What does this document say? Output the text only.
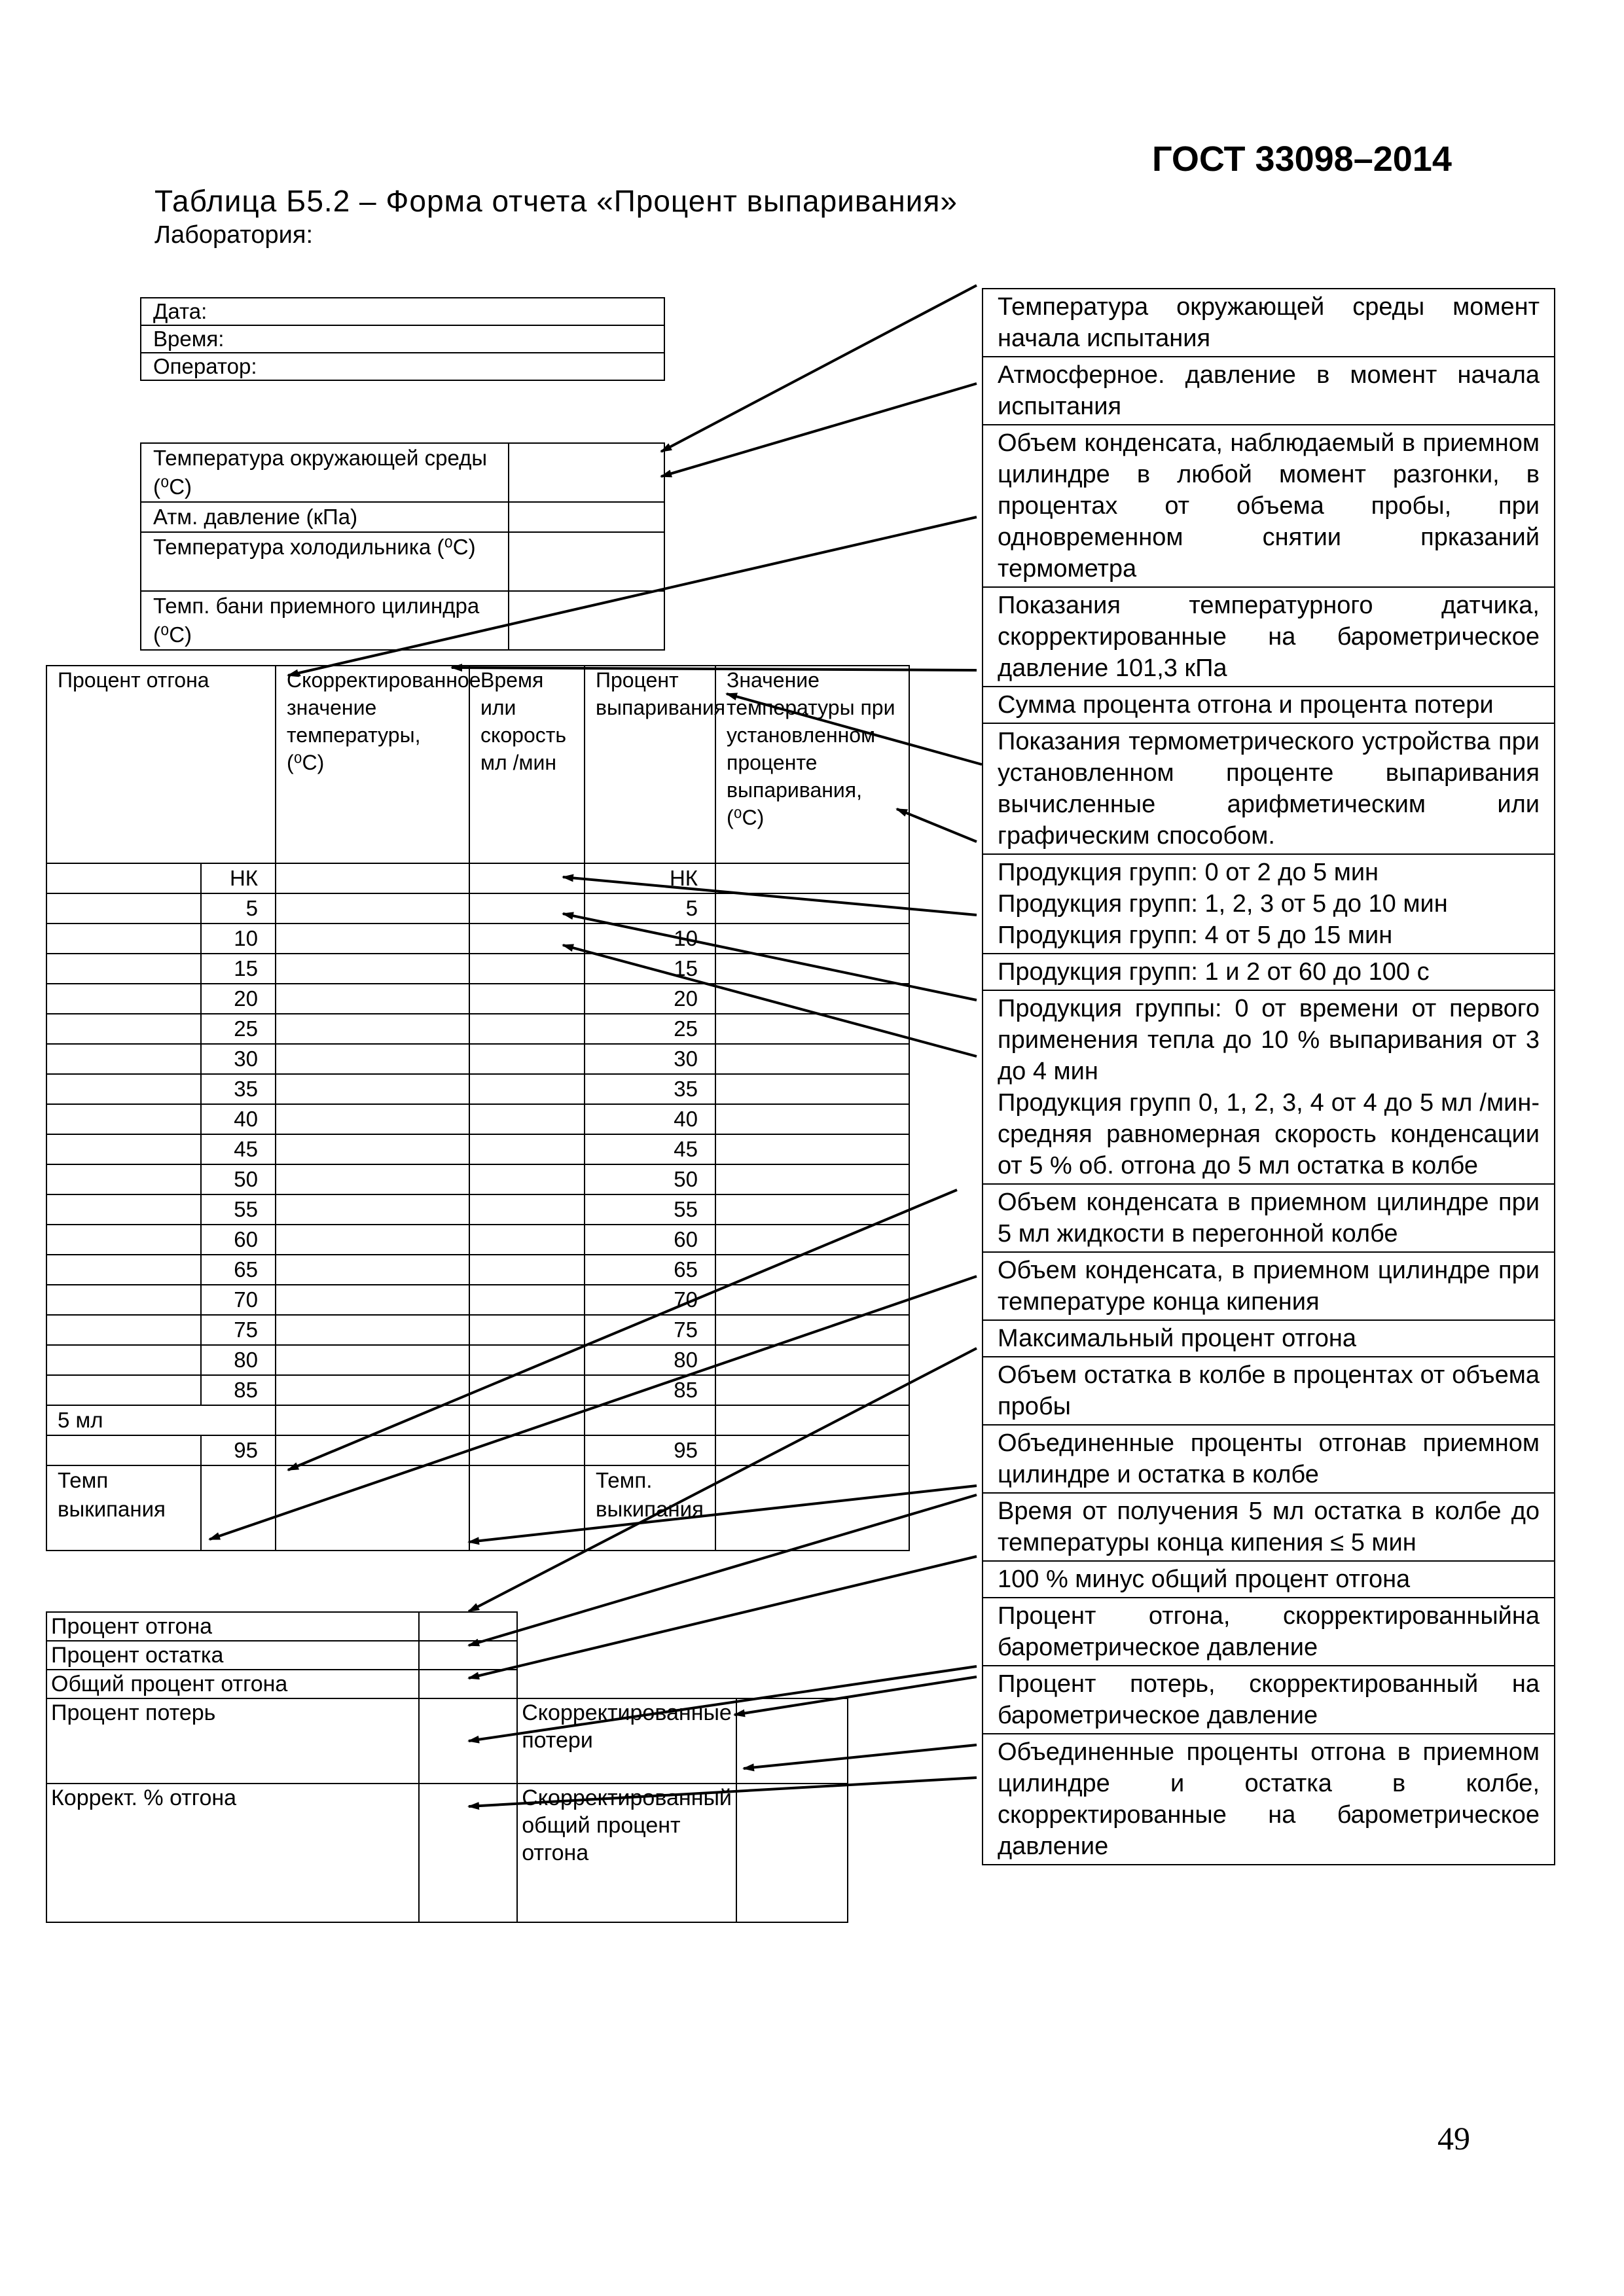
ГОСТ 33098–2014
Таблица Б5.2 – Форма отчета «Процент выпаривания»
Лаборатория:
Дата:
Время:
Оператор:
Температура окружающей среды (⁰С)	
Атм. давление (кПа)	
Температура холодильника (⁰С)	
Темп. бани приемного цилиндра (⁰С)	
Процент отгона		Скорректированное значение температуры, (⁰С)	Время или скорость мл /мин	Процент выпаривания	Значение температуры при установленном проценте выпаривания, (⁰С)
	НК			НК	
	5			5	
	10			10	
	15			15	
	20			20	
	25			25	
	30			30	
	35			35	
	40			40	
	45			45	
	50			50	
	55			55	
	60			60	
	65			65	
	70			70	
	75			75	
	80			80	
	85			85	
5 мл					
	95			95	
Темп выкипания				Темп. выкипания	
Процент отгона			
Процент остатка			
Общий процент отгона			
Процент потерь		Скорректированные потери	
Коррект. % отгона		Скорректированный общий процент отгона	
Температура окружающей среды момент начала испытания
Атмосферное. давление в момент начала испытания
Объем конденсата, наблюдаемый в приемном цилиндре в любой момент разгонки, в процентах от объема пробы, при одновременном снятии прказаний термометра
Показания температурного датчика, скорректированные на барометрическое давление 101,3 кПа
Сумма процента отгона и процента потери
Показания термометрического устройства при установленном проценте выпаривания вычисленные арифметическим или графическим способом.
Продукция групп: 0 от 2 до 5 мин
Продукция групп: 1, 2, 3 от 5 до 10 мин
Продукция групп: 4 от 5 до 15 мин
Продукция групп: 1 и 2 от 60 до 100 с
Продукция группы: 0 от времени от первого применения тепла до 10 % выпаривания от 3 до 4 мин
Продукция групп 0, 1, 2, 3, 4 от 4 до 5 мл /мин-средняя равномерная скорость конденсации от 5 % об. отгона до 5 мл остатка в колбе
Объем конденсата в приемном цилиндре при 5 мл жидкости в перегонной колбе
Объем конденсата, в приемном цилиндре при температуре конца кипения
Максимальный процент отгона
Объем остатка в колбе в процентах от объема пробы
Объединенные проценты отгонав приемном цилиндре и остатка в колбе
Время от получения 5 мл остатка в колбе до температуры конца кипения ≤ 5 мин
100 % минус общий процент отгона
Процент отгона, скорректированныйна барометрическое давление
Процент потерь, скорректированный на барометрическое давление
Объединенные проценты отгона в приемном цилиндре и остатка в колбе, скорректированные на барометрическое давление
49
